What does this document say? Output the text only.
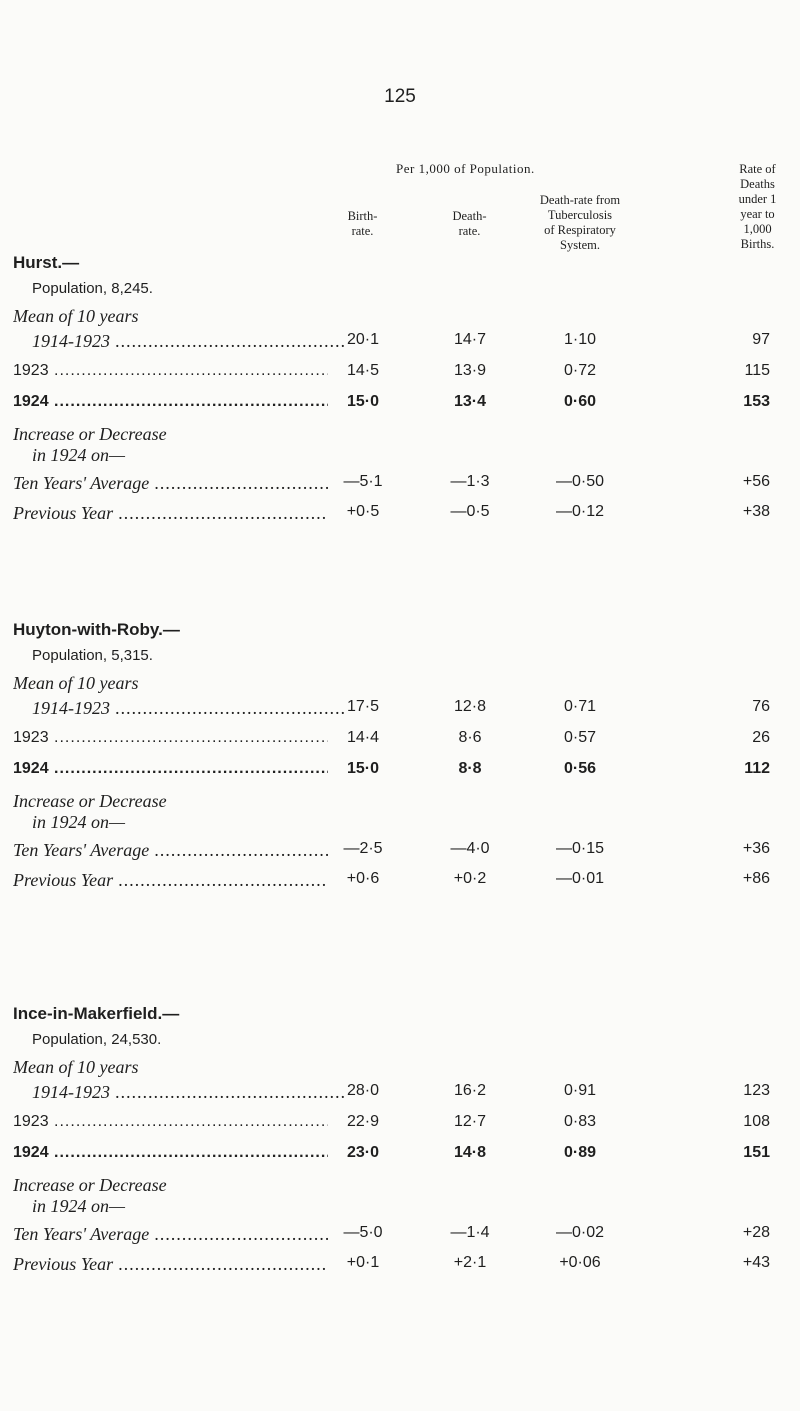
125
Per 1,000 of Population.
Birth-
rate.
Death-
rate.
Death-rate from
Tuberculosis
of Respiratory
System.
Rate of
Deaths
under 1
year to
1,000
Births.
Hurst.—
Population, 8,245.
Mean of 10 years
1914-1923 .....	20·1	14·7	1·10	97
1923 .....	14·5	13·9	0·72	115
1924 .....	15·0	13·4	0·60	153
Increase or Decrease
in 1924 on—
Ten Years' Average .....	—5·1	—1·3	—0·50	+56
Previous Year .....	+0·5	—0·5	—0·12	+38
Huyton-with-Roby.—
Population, 5,315.
Mean of 10 years
1914-1923 .....	17·5	12·8	0·71	76
1923 .....	14·4	8·6	0·57	26
1924 .....	15·0	8·8	0·56	112
Increase or Decrease
in 1924 on—
Ten Years' Average .....	—2·5	—4·0	—0·15	+36
Previous Year .....	+0·6	+0·2	—0·01	+86
Ince-in-Makerfield.—
Population, 24,530.
Mean of 10 years
1914-1923 .....	28·0	16·2	0·91	123
1923 .....	22·9	12·7	0·83	108
1924 .....	23·0	14·8	0·89	151
Increase or Decrease
in 1924 on—
Ten Years' Average .....	—5·0	—1·4	—0·02	+28
Previous Year .....	+0·1	+2·1	+0·06	+43
